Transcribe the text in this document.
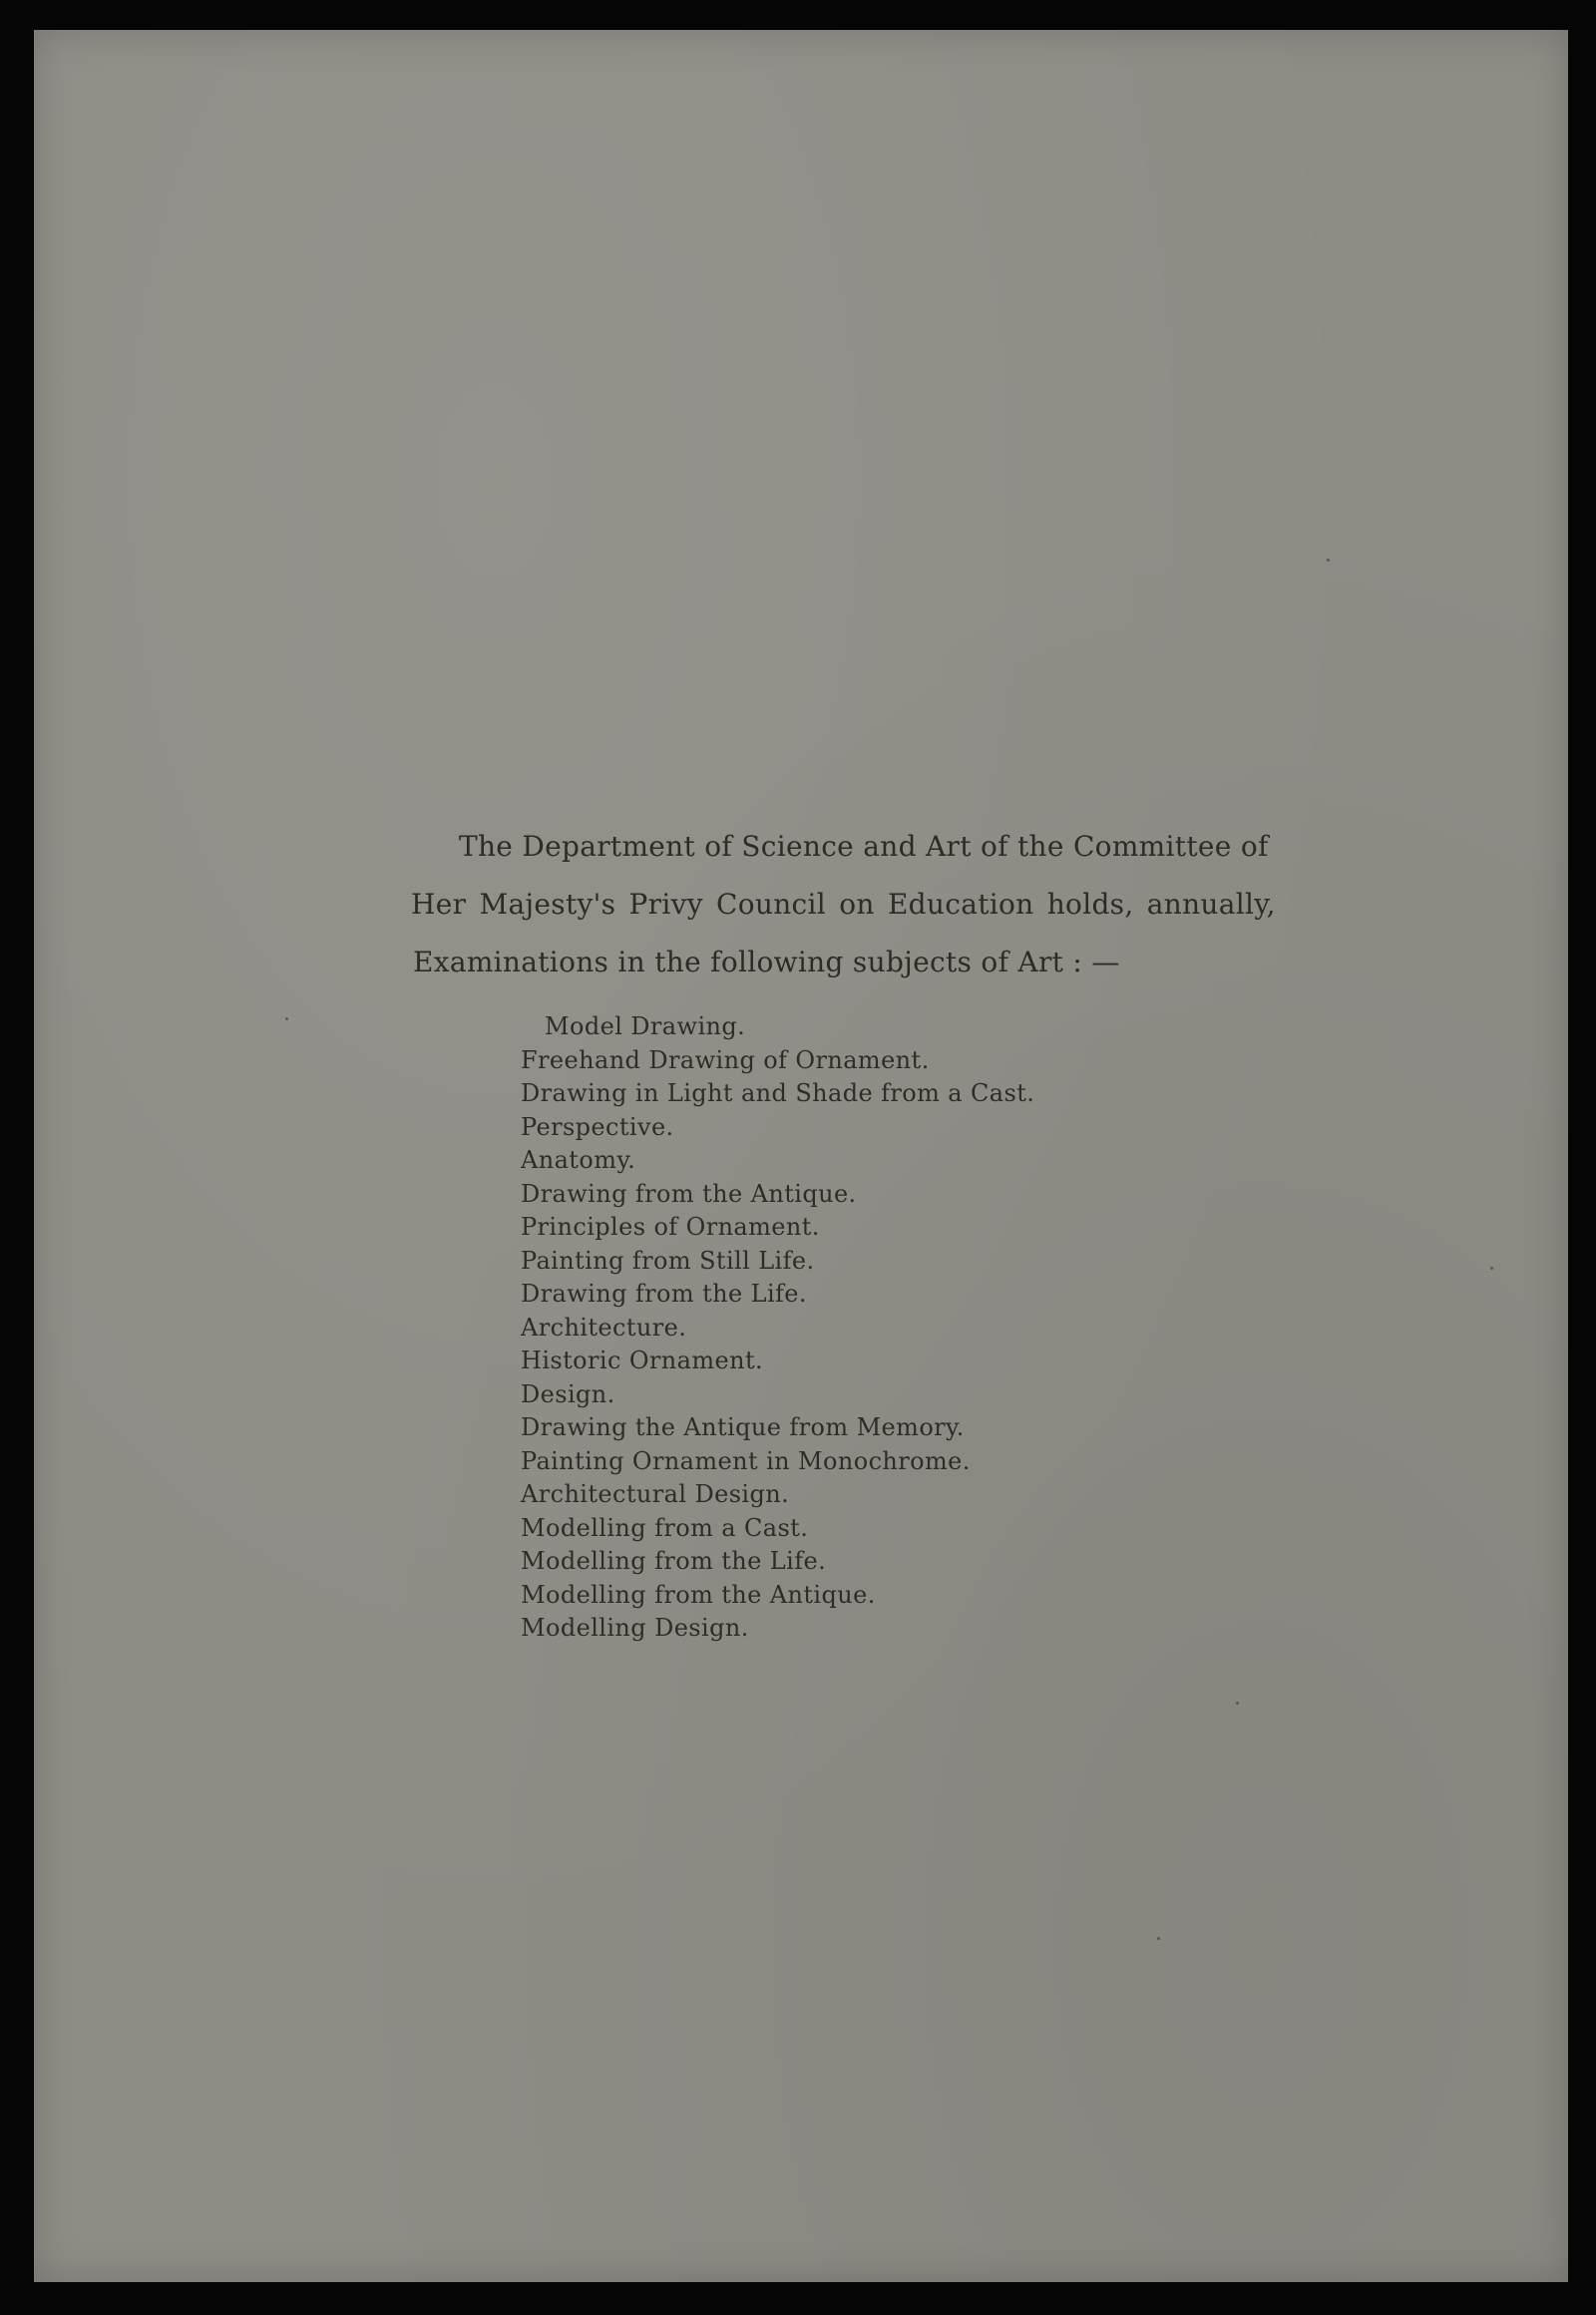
The Department of Science and Art of the Committee of
Her Majesty's Privy Council on Education holds, annually,
Examinations in the following subjects of Art : —
Model Drawing.
Freehand Drawing of Ornament.
Drawing in Light and Shade from a Cast.
Perspective.
Anatomy.
Drawing from the Antique.
Principles of Ornament.
Painting from Still Life.
Drawing from the Life.
Architecture.
Historic Ornament.
Design.
Drawing the Antique from Memory.
Painting Ornament in Monochrome.
Architectural Design.
Modelling from a Cast.
Modelling from the Life.
Modelling from the Antique.
Modelling Design.
